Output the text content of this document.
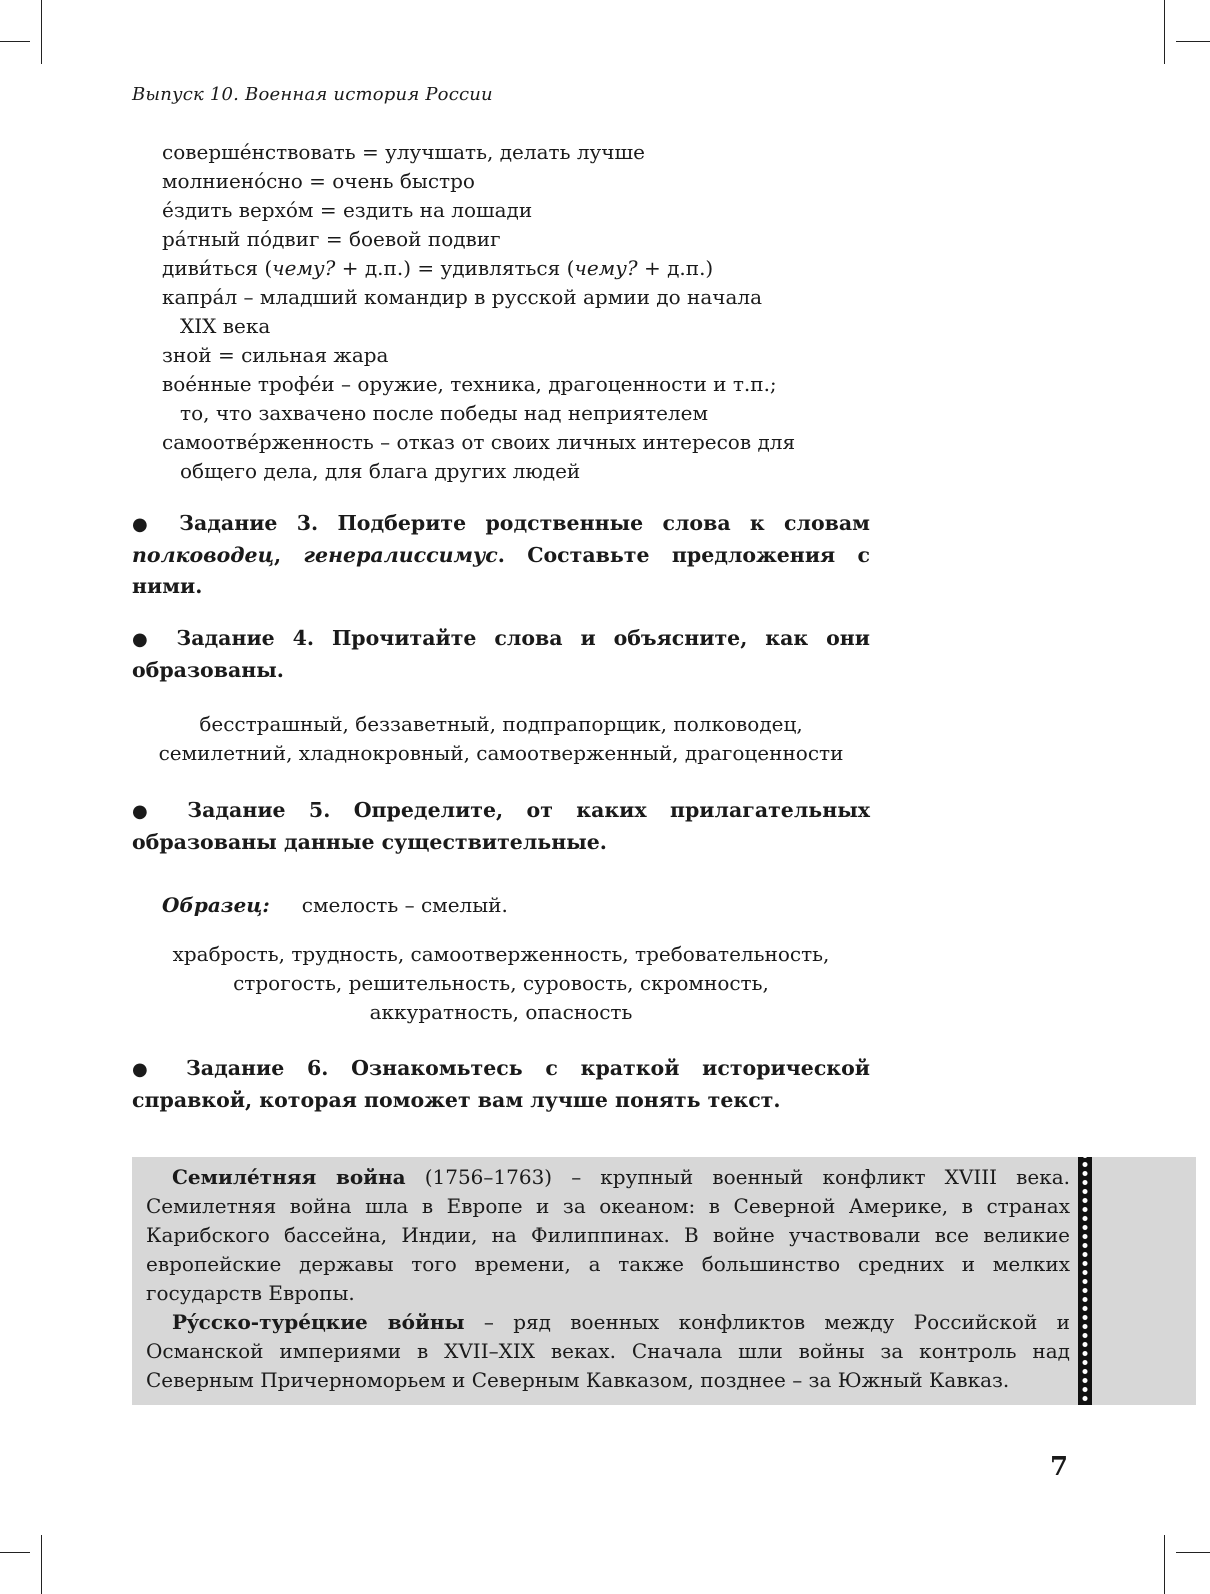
Выпуск 10. Военная история России
совершéнствовать = улучшать, делать лучше
молниенóсно = очень быстро
éздить верхóм = ездить на лошади
рáтный пóдвиг = боевой подвиг
диви́ться (чему? + д.п.) = удивляться (чему? + д.п.)
капрáл – младший командир в русской армии до начала
XIX века
зной = сильная жара
воéнные трофéи – оружие, техника, драгоценности и т.п.;
то, что захвачено после победы над неприятелем
самоотвéрженность – отказ от своих личных интересов для
общего дела, для блага других людей
● Задание 3. Подберите родственные слова к словам полководец, генералиссимус. Составьте предложения с ними.
● Задание 4. Прочитайте слова и объясните, как они образованы.
бесстрашный, беззаветный, подпрапорщик, полководец,
семилетний, хладнокровный, самоотверженный, драгоценности
● Задание 5. Определите, от каких прилагательных образованы данные существительные.
Образец: смелость – смелый.
храбрость, трудность, самоотверженность, требовательность,
строгость, решительность, суровость, скромность,
аккуратность, опасность
● Задание 6. Ознакомьтесь с краткой исторической справкой, которая поможет вам лучше понять текст.

Семилéтняя война (1756–1763) – крупный военный конфликт XVIII века. Семилетняя война шла в Европе и за океаном: в Северной Америке, в странах Карибского бассейна, Индии, на Филиппинах. В войне участвовали все великие европейские державы того времени, а также большинство средних и мелких государств Европы.

Рýсско-турéцкие вóйны – ряд военных конфликтов между Российской и Османской империями в XVII–XIX веках. Сначала шли войны за контроль над Северным Причерноморьем и Северным Кавказом, позднее – за Южный Кавказ.

7
